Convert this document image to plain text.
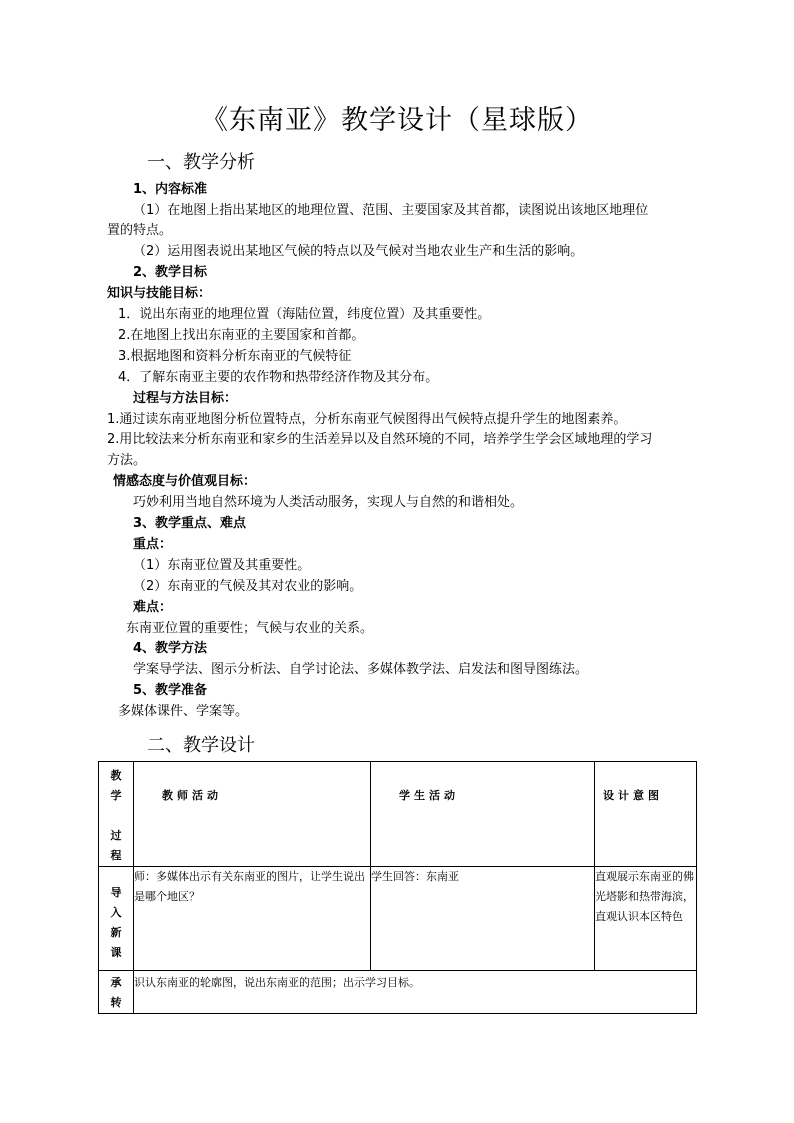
《东南亚》教学设计（星球版）
一、教学分析
1、内容标准
（1）在地图上指出某地区的地理位置、范围、主要国家及其首都，读图说出该地区地理位
置的特点。
（2）运用图表说出某地区气候的特点以及气候对当地农业生产和生活的影响。
2、教学目标
知识与技能目标：
1．说出东南亚的地理位置（海陆位置，纬度位置）及其重要性。
2.在地图上找出东南亚的主要国家和首都。
3.根据地图和资料分析东南亚的气候特征
4．了解东南亚主要的农作物和热带经济作物及其分布。
过程与方法目标：
1.通过读东南亚地图分析位置特点，分析东南亚气候图得出气候特点提升学生的地图素养。
2.用比较法来分析东南亚和家乡的生活差异以及自然环境的不同，培养学生学会区域地理的学习
方法。
情感态度与价值观目标：
巧妙利用当地自然环境为人类活动服务，实现人与自然的和谐相处。
3、教学重点、难点
重点：
（1）东南亚位置及其重要性。
（2）东南亚的气候及其对农业的影响。
难点：
东南亚位置的重要性；气候与农业的关系。
4、教学方法
学案导学法、图示分析法、自学讨论法、多媒体教学法、启发法和图导图练法。
5、教学准备
多媒体课件、学案等。
二、教学设计
教
学
过
程	教师活动	学生活动	设计意图

导
入
新
课	师：多媒体出示有关东南亚的图片，让学生说出是哪个地区？	学生回答：东南亚	直观展示东南亚的佛光塔影和热带海滨，直观认识本区特色

承
转	识认东南亚的轮廓图，说出东南亚的范围；出示学习目标。		
